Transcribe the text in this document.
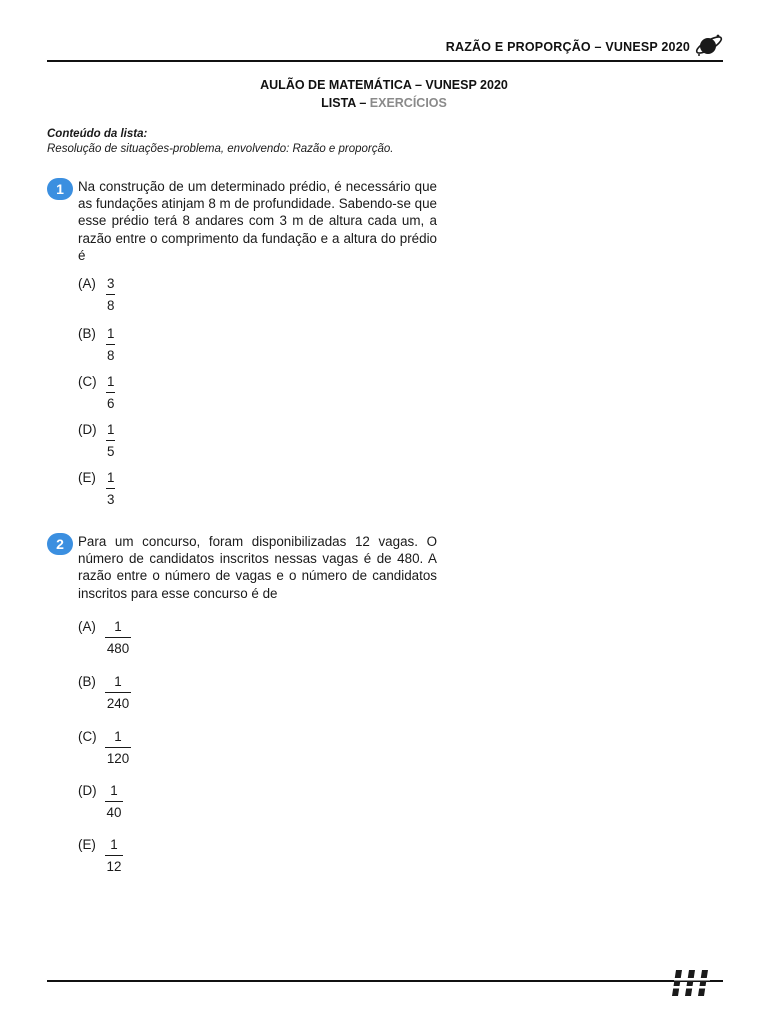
RAZÃO E PROPORÇÃO – VUNESP 2020
AULÃO DE MATEMÁTICA – VUNESP 2020
LISTA – EXERCÍCIOS
Conteúdo da lista:
Resolução de situações-problema, envolvendo: Razão e proporção.
1	Na construção de um determinado prédio, é necessário que as fundações atinjam 8 m de profundidade. Sabendo-se que esse prédio terá 8 andares com 3 m de altura cada um, a razão entre o comprimento da fundação e a altura do prédio é
$(A) \frac{3}{8}$
$(B) \frac{1}{8}$
$(C) \frac{1}{6}$
$(D) \frac{1}{5}$
$(E) \frac{1}{3}$
2	Para um concurso, foram disponibilizadas 12 vagas. O número de candidatos inscritos nessas vagas é de 480. A razão entre o número de vagas e o número de candidatos inscritos para esse concurso é de
$(A) \frac{1}{480}$
$(B) \frac{1}{240}$
$(C) \frac{1}{120}$
$(D) \frac{1}{40}$
$(E) \frac{1}{12}$
